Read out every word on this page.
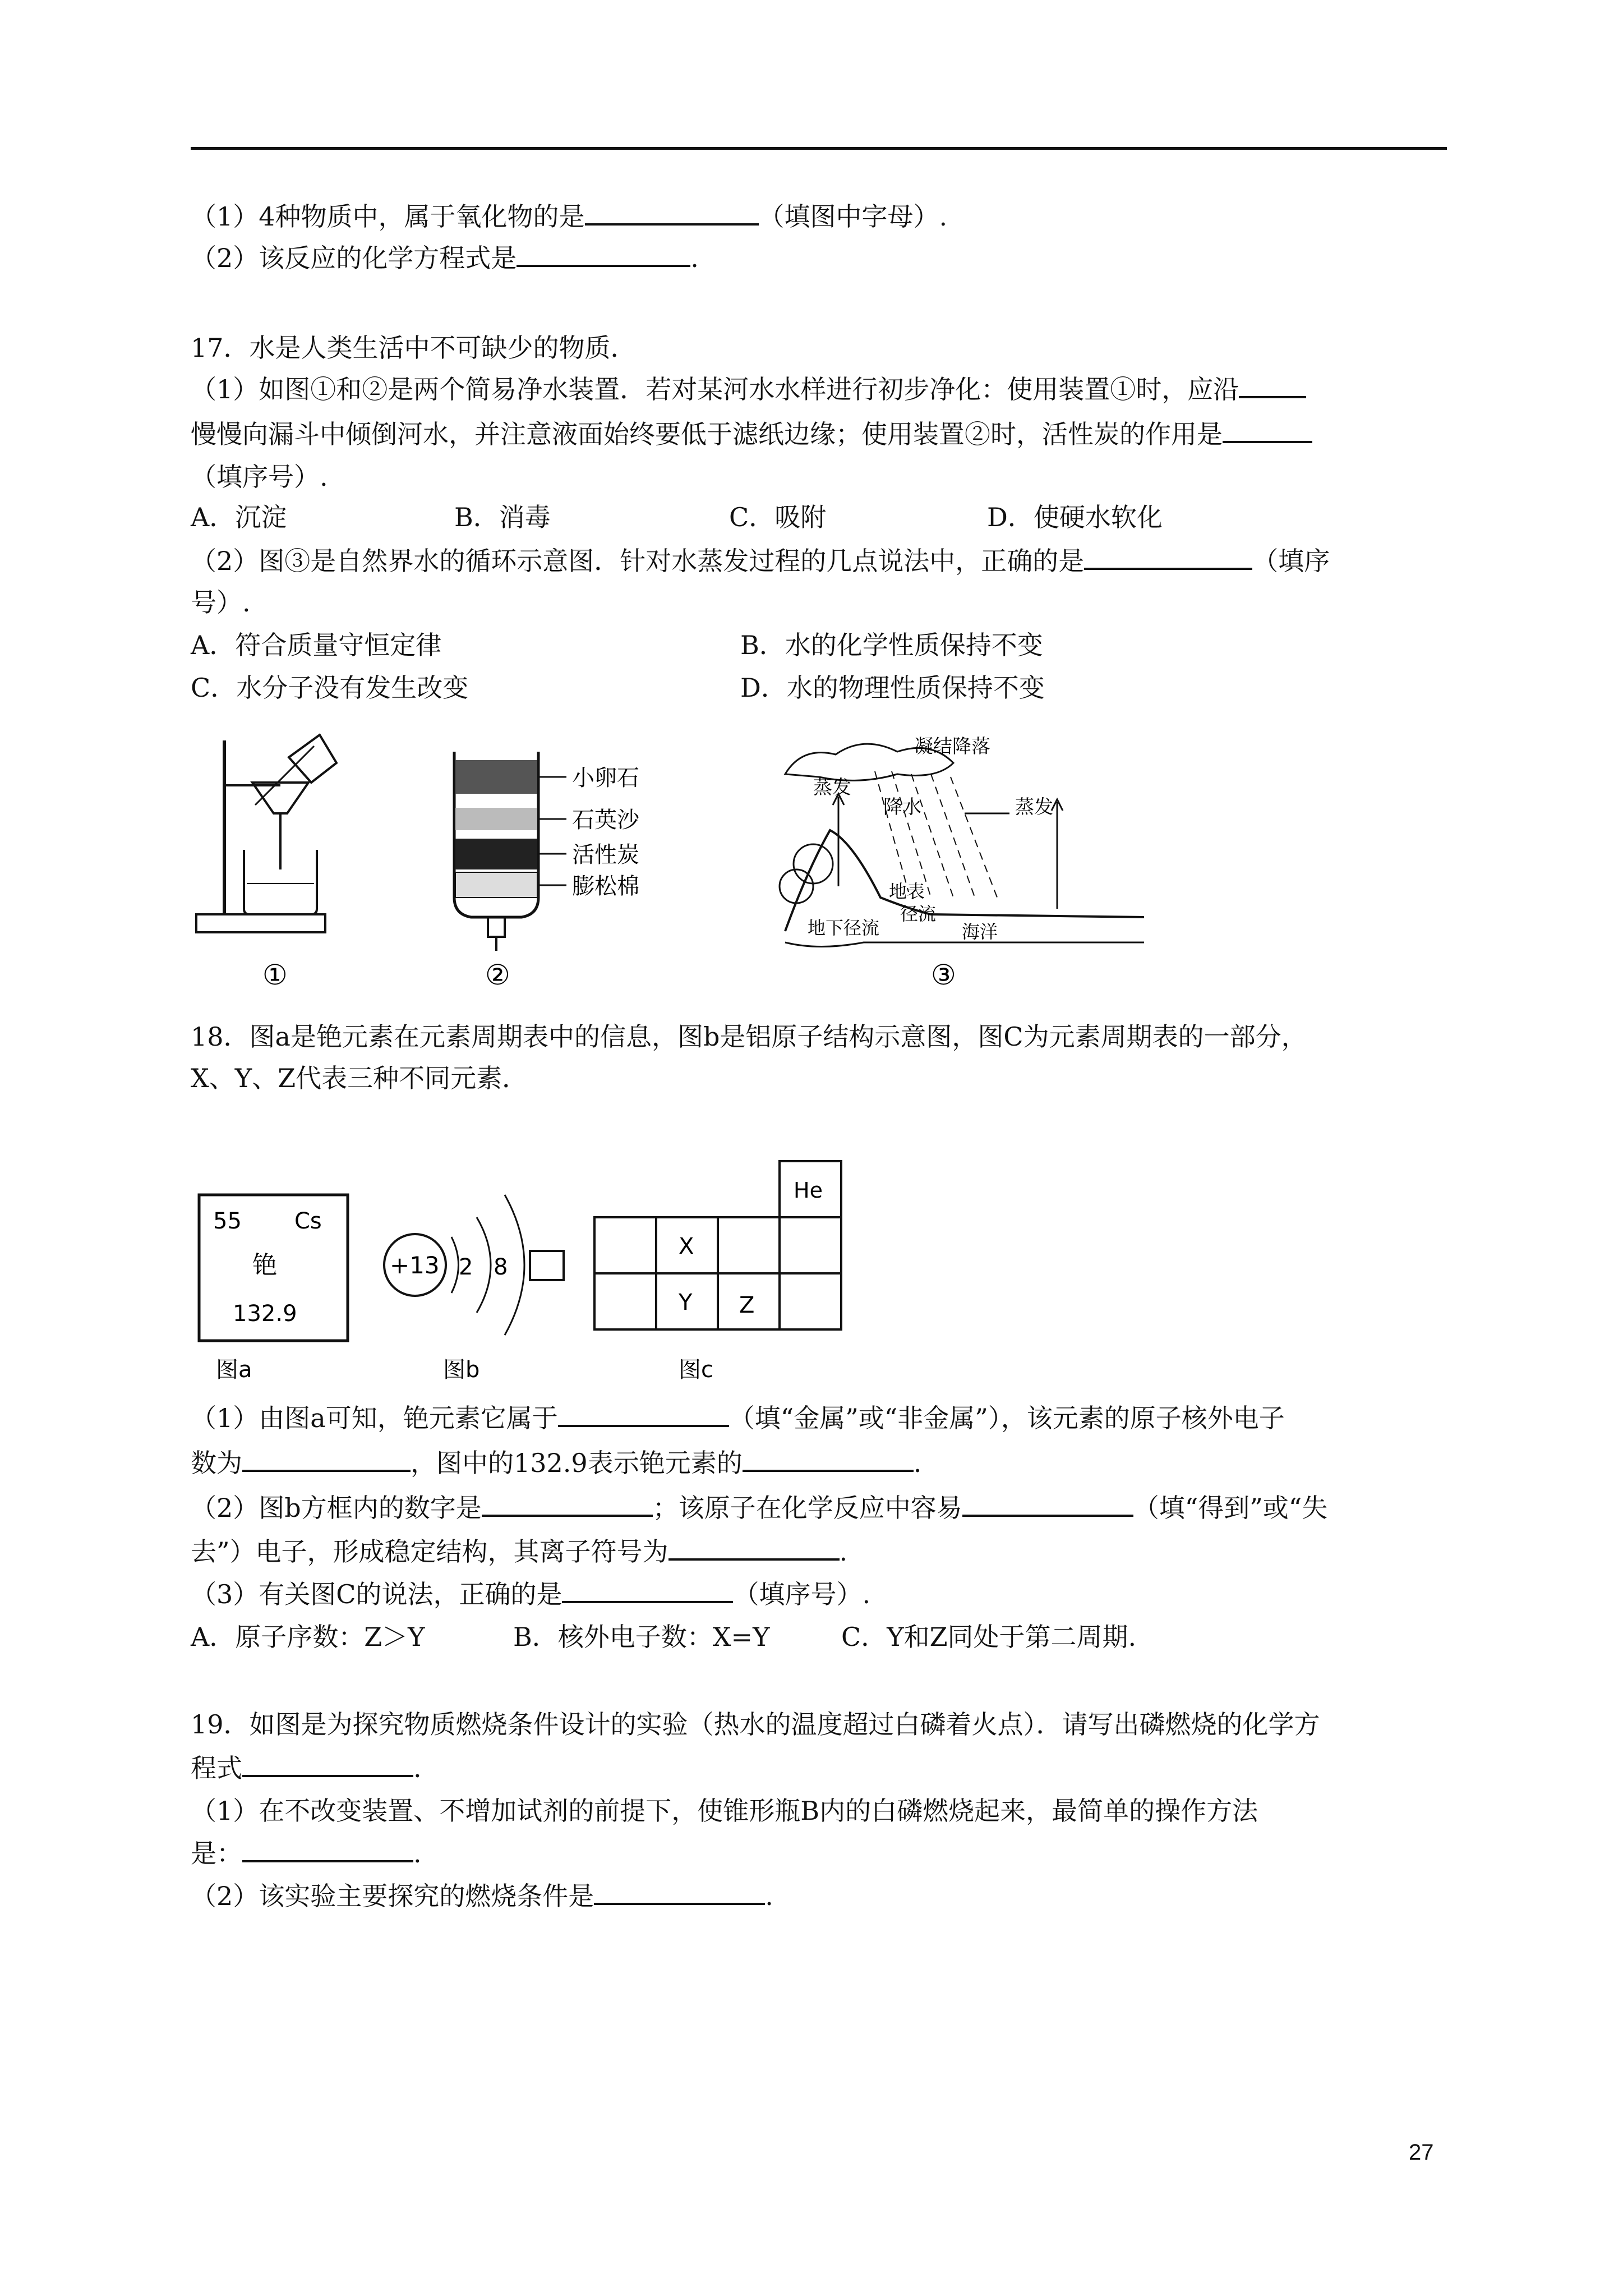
（1）4种物质中，属于氧化物的是	（填图中字母）.
（2）该反应的化学方程式是	.
17．水是人类生活中不可缺少的物质．
（1）如图①和②是两个简易净水装置．若对某河水水样进行初步净化：使用装置①时，应沿
慢慢向漏斗中倾倒河水，并注意液面始终要低于滤纸边缘；使用装置②时，活性炭的作用是
（填序号）.
A．沉淀	B．消毒	C．吸附	D．使硬水软化
（2）图③是自然界水的循环示意图．针对水蒸发过程的几点说法中，正确的是	（填序
号）.
A．符合质量守恒定律	B．水的化学性质保持不变
C．水分子没有发生改变	D．水的物理性质保持不变
①
小卵石
石英沙
活性炭
膨松棉
②
凝结降落
蒸发
降水	蒸发
地表
径流
海洋
地下径流
③
18．图a是铯元素在元素周期表中的信息，图b是铝原子结构示意图，图C为元素周期表的一部分，
X、Y、Z代表三种不同元素．
55 Cs
铯
132.9
图a
+13 2 8
图b
He
X
Y Z
图c
（1）由图a可知，铯元素它属于	（填“金属”或“非金属”），该元素的原子核外电子
数为	，图中的132.9表示铯元素的	.
（2）图b方框内的数字是	；该原子在化学反应中容易	（填“得到”或“失
去”）电子，形成稳定结构，其离子符号为	.
（3）有关图C的说法，正确的是	（填序号）.
A．原子序数：Z＞Y	B．核外电子数：X=Y	C．Y和Z同处于第二周期.
19．如图是为探究物质燃烧条件设计的实验（热水的温度超过白磷着火点）．请写出磷燃烧的化学方
程式	.
（1）在不改变装置、不增加试剂的前提下，使锥形瓶B内的白磷燃烧起来，最简单的操作方法
是：	.
（2）该实验主要探究的燃烧条件是	.
27
